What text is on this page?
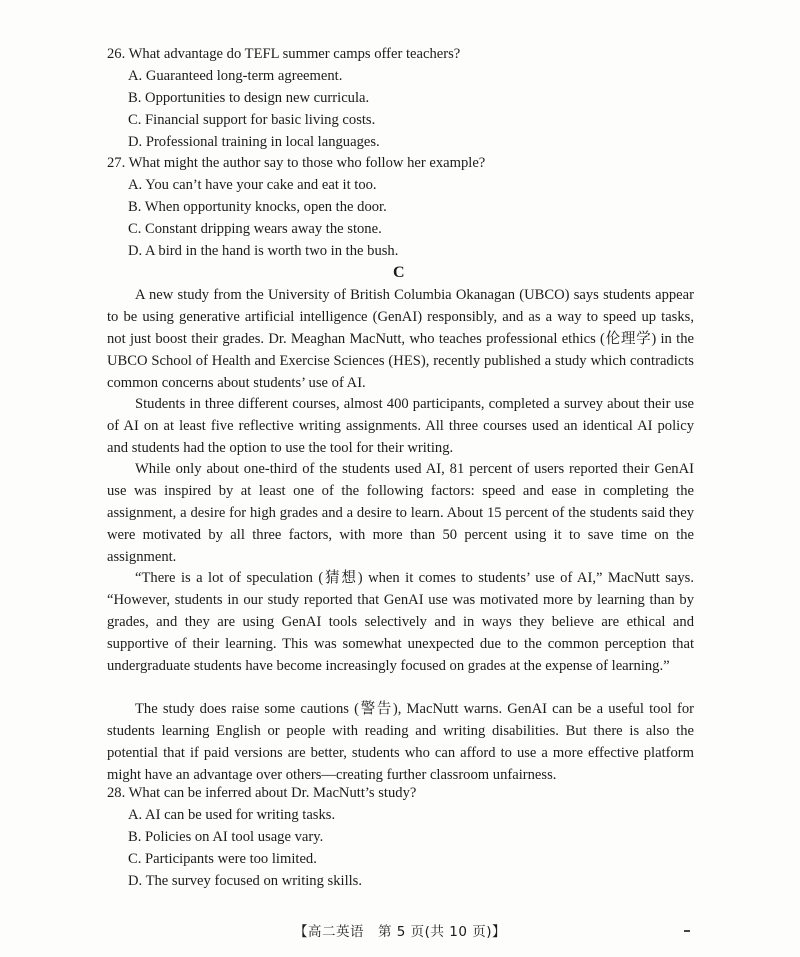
26. What advantage do TEFL summer camps offer teachers?
A. Guaranteed long-term agreement.
B. Opportunities to design new curricula.
C. Financial support for basic living costs.
D. Professional training in local languages.
27. What might the author say to those who follow her example?
A. You can’t have your cake and eat it too.
B. When opportunity knocks, open the door.
C. Constant dripping wears away the stone.
D. A bird in the hand is worth two in the bush.
C

A new study from the University of British Columbia Okanagan (UBCO) says students appear to be using generative artificial intelligence (GenAI) responsibly, and as a way to speed up tasks, not just boost their grades. Dr. Meaghan MacNutt, who teaches professional ethics (伦理学) in the UBCO School of Health and Exercise Sciences (HES), recently published a study which contradicts common concerns about students’ use of AI.

Students in three different courses, almost 400 participants, completed a survey about their use of AI on at least five reflective writing assignments. All three courses used an identical AI policy and students had the option to use the tool for their writing.

While only about one-third of the students used AI, 81 percent of users reported their GenAI use was inspired by at least one of the following factors: speed and ease in completing the assignment, a desire for high grades and a desire to learn. About 15 percent of the students said they were motivated by all three factors, with more than 50 percent using it to save time on the assignment.

“There is a lot of speculation (猜想) when it comes to students’ use of AI,” MacNutt says. “However, students in our study reported that GenAI use was motivated more by learning than by grades, and they are using GenAI tools selectively and in ways they believe are ethical and supportive of their learning. This was somewhat unexpected due to the common perception that undergraduate students have become increasingly focused on grades at the expense of learning.”

The study does raise some cautions (警告), MacNutt warns. GenAI can be a useful tool for students learning English or people with reading and writing disabilities. But there is also the potential that if paid versions are better, students who can afford to use a more effective platform might have an advantage over others—creating further classroom unfairness.

28. What can be inferred about Dr. MacNutt’s study?
A. AI can be used for writing tasks.
B. Policies on AI tool usage vary.
C. Participants were too limited.
D. The survey focused on writing skills.
【高二英语　第 5 页(共 10 页)】
